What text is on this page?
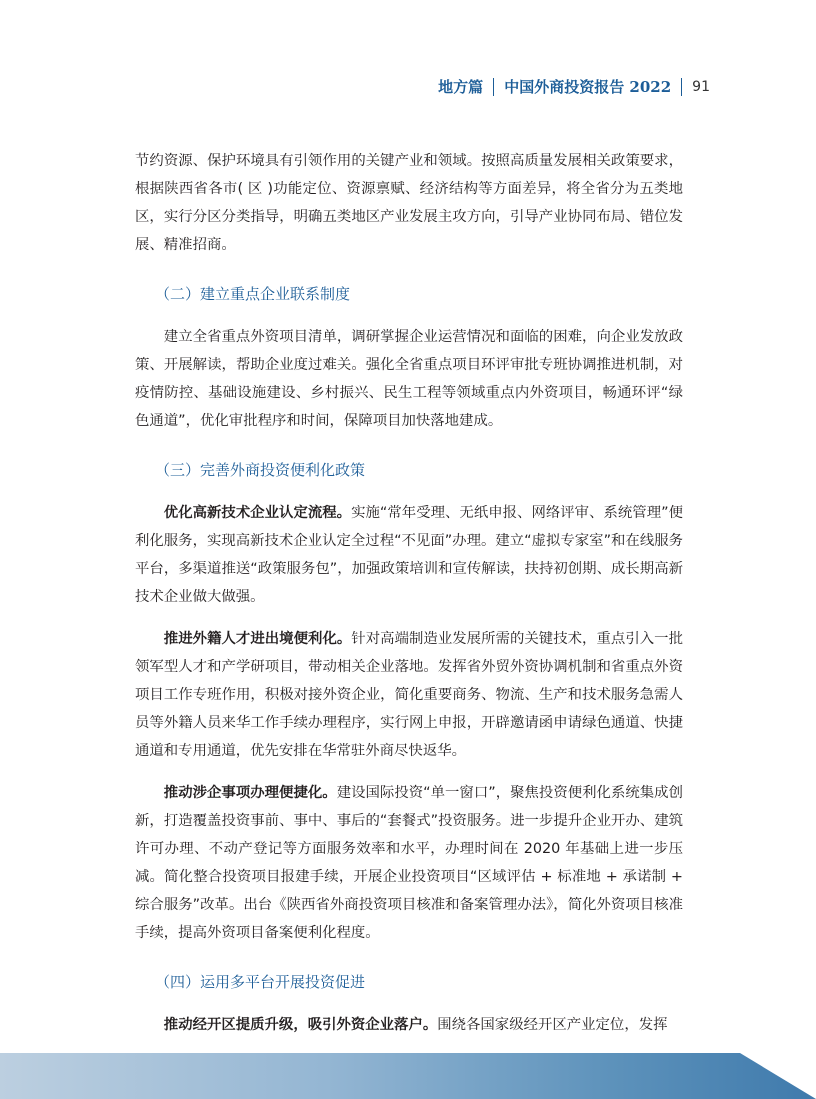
地方篇 中国外商投资报告 2022 91

节约资源、保护环境具有引领作用的关键产业和领域。按照高质量发展相关政策要求，根据陕西省各市( 区 )功能定位、资源禀赋、经济结构等方面差异，将全省分为五类地区，实行分区分类指导，明确五类地区产业发展主攻方向，引导产业协同布局、错位发展、精准招商。

（二）建立重点企业联系制度

建立全省重点外资项目清单，调研掌握企业运营情况和面临的困难，向企业发放政策、开展解读，帮助企业度过难关。强化全省重点项目环评审批专班协调推进机制，对疫情防控、基础设施建设、乡村振兴、民生工程等领域重点内外资项目，畅通环评“绿色通道”，优化审批程序和时间，保障项目加快落地建成。

（三）完善外商投资便利化政策

优化高新技术企业认定流程。实施“常年受理、无纸申报、网络评审、系统管理”便利化服务，实现高新技术企业认定全过程“不见面”办理。建立“虚拟专家室”和在线服务平台，多渠道推送“政策服务包”，加强政策培训和宣传解读，扶持初创期、成长期高新技术企业做大做强。

推进外籍人才进出境便利化。针对高端制造业发展所需的关键技术，重点引入一批领军型人才和产学研项目，带动相关企业落地。发挥省外贸外资协调机制和省重点外资项目工作专班作用，积极对接外资企业，简化重要商务、物流、生产和技术服务急需人员等外籍人员来华工作手续办理程序，实行网上申报，开辟邀请函申请绿色通道、快捷通道和专用通道，优先安排在华常驻外商尽快返华。

推动涉企事项办理便捷化。建设国际投资“单一窗口”，聚焦投资便利化系统集成创新，打造覆盖投资事前、事中、事后的“套餐式”投资服务。进一步提升企业开办、建筑许可办理、不动产登记等方面服务效率和水平，办理时间在 2020 年基础上进一步压减。简化整合投资项目报建手续，开展企业投资项目“区域评估 + 标准地 + 承诺制 + 综合服务”改革。出台《陕西省外商投资项目核准和备案管理办法》，简化外资项目核准手续，提高外资项目备案便利化程度。

（四）运用多平台开展投资促进

推动经开区提质升级，吸引外资企业落户。围绕各国家级经开区产业定位，发挥
